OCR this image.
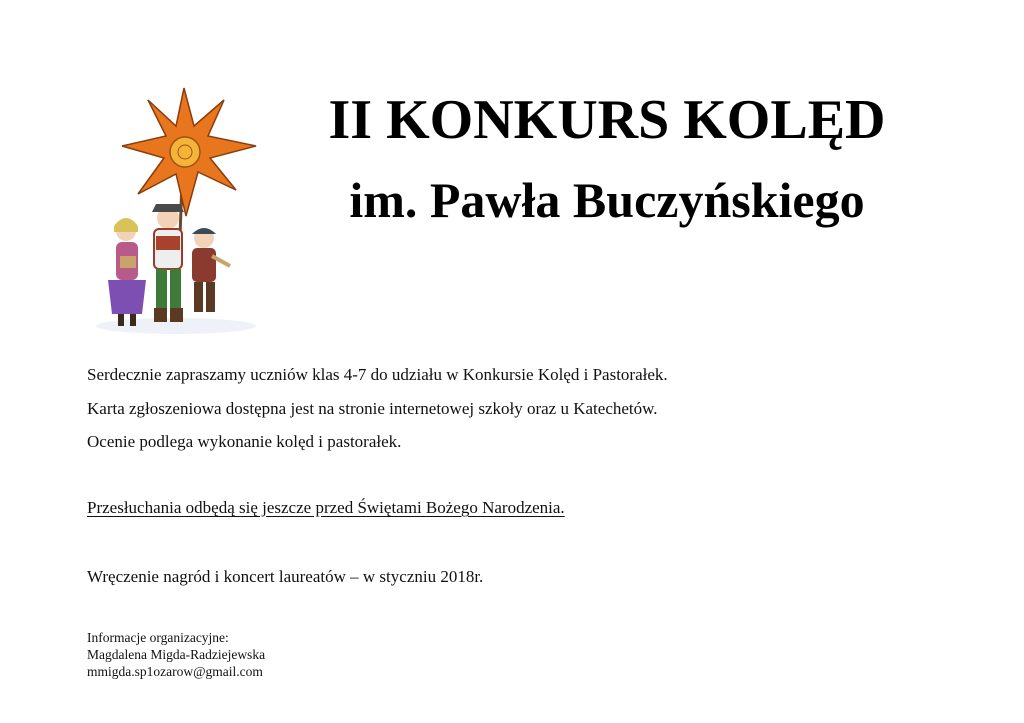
II KONKURS KOLĘD
im. Pawła Buczyńskiego

Serdecznie zapraszamy uczniów klas 4-7 do udziału w Konkursie Kolęd i Pastorałek.

Karta zgłoszeniowa dostępna jest na stronie internetowej szkoły oraz u Katechetów.

Ocenie podlega wykonanie kolęd i pastorałek.

Przesłuchania odbędą się jeszcze przed Świętami Bożego Narodzenia.

Wręczenie nagród i koncert laureatów – w styczniu 2018r.

Informacje organizacyjne:

Magdalena Migda-Radziejewska

mmigda.sp1ozarow@gmail.com
